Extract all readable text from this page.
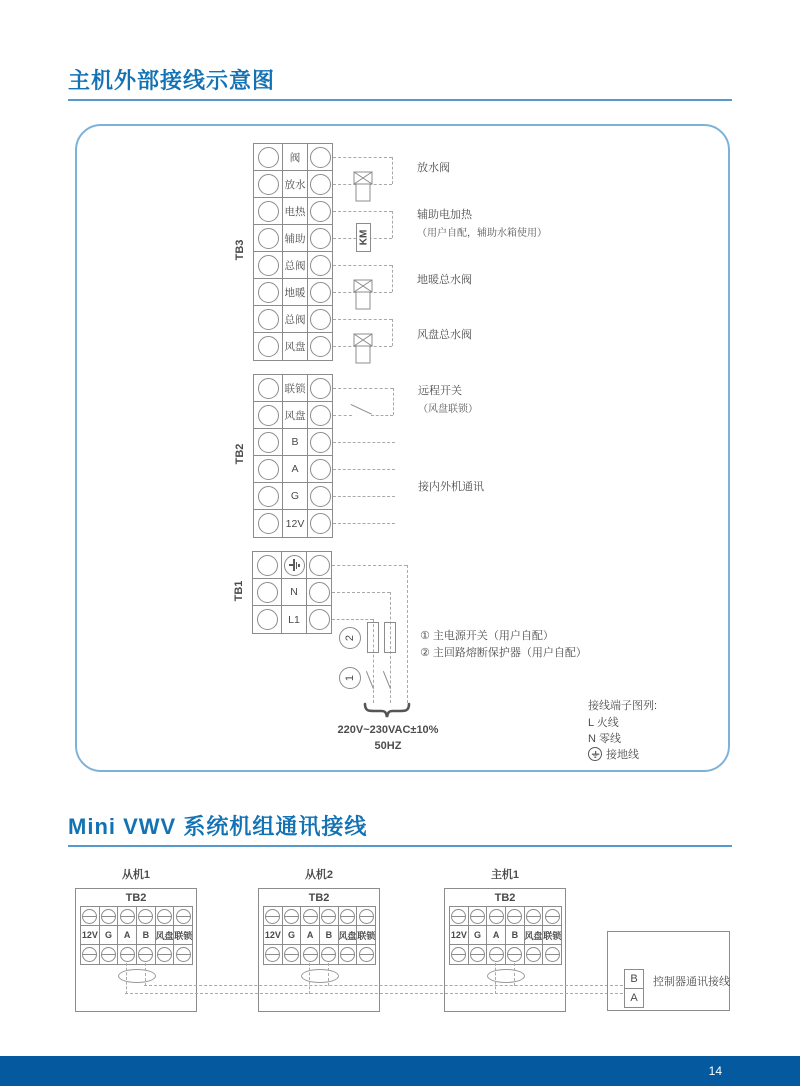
主机外部接线示意图
TB3
TB2
TB1
阀
放水
电热
辅助
总阀
地暖
总阀
风盘
联锁
风盘
B
A
G
12V
N
L1
KM
2
1
放水阀
辅助电加热
（用户自配，辅助水箱使用）
地暖总水阀
风盘总水阀
远程开关
（风盘联锁）
接内外机通讯
① 主电源开关（用户自配）
② 主回路熔断保护器（用户自配）
220V~230VAC±10%
50HZ
接线端子图列:
L 火线
N 零线
接地线
Mini VWV 系统机组通讯接线
从机1
TB2
12V G	A	B 风盘 联锁
从机2
TB2
12V G	A	B 风盘 联锁
主机1
TB2
12V G	A	B 风盘 联锁
B
A
控制器通讯接线
14
